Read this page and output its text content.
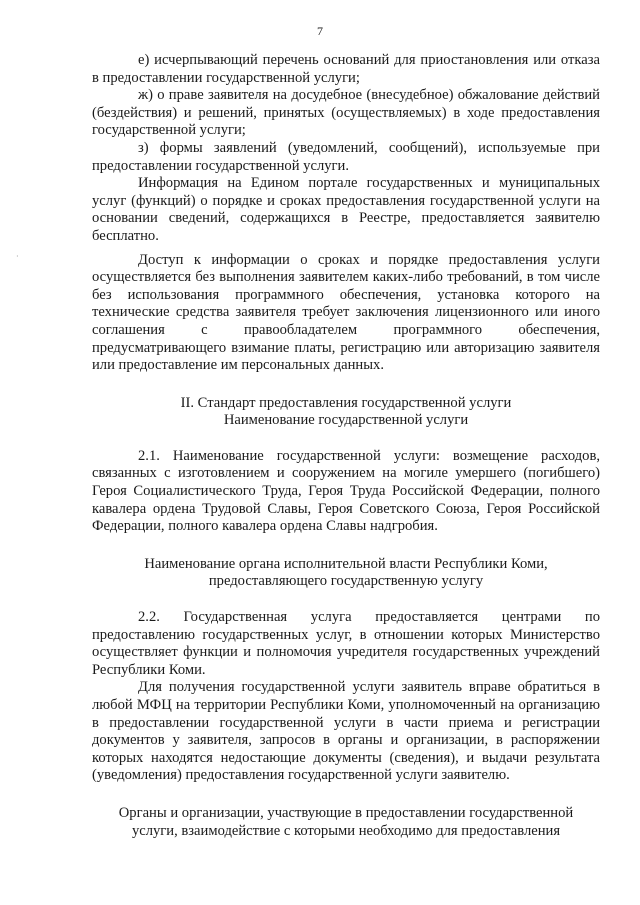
7

е) исчерпывающий перечень оснований для приостановления или отказа в предоставлении государственной услуги;

ж) о праве заявителя на досудебное (внесудебное) обжалование действий (бездействия) и решений, принятых (осуществляемых) в ходе предоставления государственной услуги;

з) формы заявлений (уведомлений, сообщений), используемые при предоставлении государственной услуги.

Информация на Едином портале государственных и муниципальных услуг (функций) о порядке и сроках предоставления государственной услуги на основании сведений, содержащихся в Реестре, предоставляется заявителю бесплатно.

Доступ к информации о сроках и порядке предоставления услуги осуществляется без выполнения заявителем каких-либо требований, в том числе без использования программного обеспечения, установка которого на технические средства заявителя требует заключения лицензионного или иного соглашения с правообладателем программного обеспечения, предусматривающего взимание платы, регистрацию или авторизацию заявителя или предоставление им персональных данных.

II. Стандарт предоставления государственной услуги

Наименование государственной услуги

2.1. Наименование государственной услуги: возмещение расходов, связанных с изготовлением и сооружением на могиле умершего (погибшего) Героя Социалистического Труда, Героя Труда Российской Федерации, полного кавалера ордена Трудовой Славы, Героя Советского Союза, Героя Российской Федерации, полного кавалера ордена Славы надгробия.

Наименование органа исполнительной власти Республики Коми,

предоставляющего государственную услугу

2.2. Государственная услуга предоставляется центрами по предоставлению государственных услуг, в отношении которых Министерство осуществляет функции и полномочия учредителя государственных учреждений Республики Коми.

Для получения государственной услуги заявитель вправе обратиться в любой МФЦ на территории Республики Коми, уполномоченный на организацию в предоставлении государственной услуги в части приема и регистрации документов у заявителя, запросов в органы и организации, в распоряжении которых находятся недостающие документы (сведения), и выдачи результата (уведомления) предоставления государственной услуги заявителю.

Органы и организации, участвующие в предоставлении государственной

услуги, взаимодействие с которыми необходимо для предоставления

·
